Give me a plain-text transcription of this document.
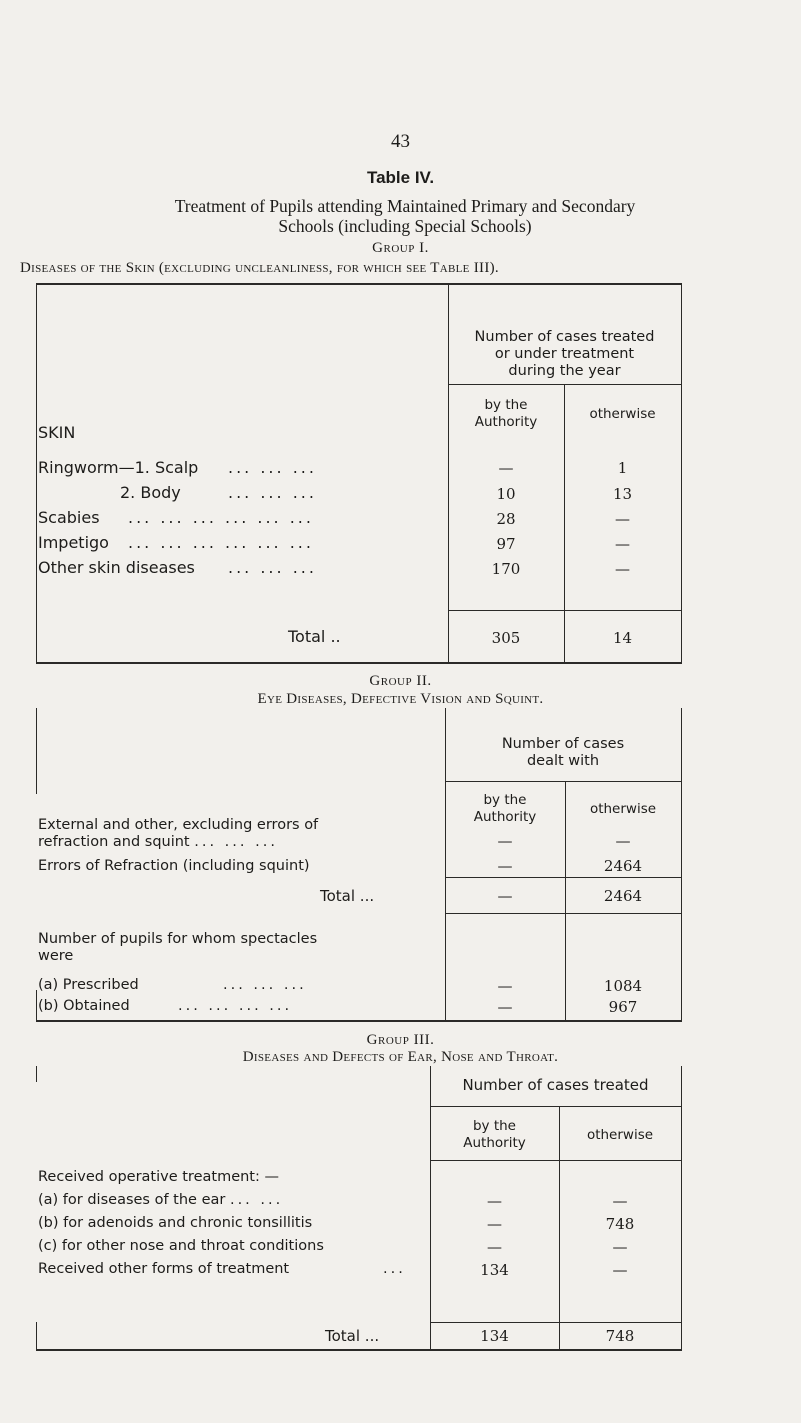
43
Table IV.
Treatment of Pupils attending Maintained Primary and Secondary
Schools (including Special Schools)
Group I.
Diseases of the Skin (excluding uncleanliness, for which see Table III).
Number of cases treated
or under treatment
during the year
by the
Authority	otherwise
SKIN
Ringworm—1. Scalp ... ... ...	—	1
2. Body	... ... ...	10	13
Scabies ... ... ... ... ... ...	28	—
Impetigo ... ... ... ... ... ...	97	—
Other skin diseases ... ... ...	170	—
Total ..	305	14
Group II.
Eye Diseases, Defective Vision and Squint.
Number of cases
dealt with
by the
Authority	otherwise
External and other, excluding errors of
refraction and squint ... ... ...	—	—
Errors of Refraction (including squint)	—	2464
Total ...	—	2464
Number of pupils for whom spectacles
were
(a) Prescribed	... ... ...	—	1084
(b) Obtained	... ... ... ...	—	967
Group III.
Diseases and Defects of Ear, Nose and Throat.
Number of cases treated
by the
Authority	otherwise
Received operative treatment: —
(a) for diseases of the ear ... ...	—	—
(b) for adenoids and chronic tonsillitis	—	748
(c) for other nose and throat conditions	—	—
Received other forms of treatment	...	134	—
Total ...	134	748
